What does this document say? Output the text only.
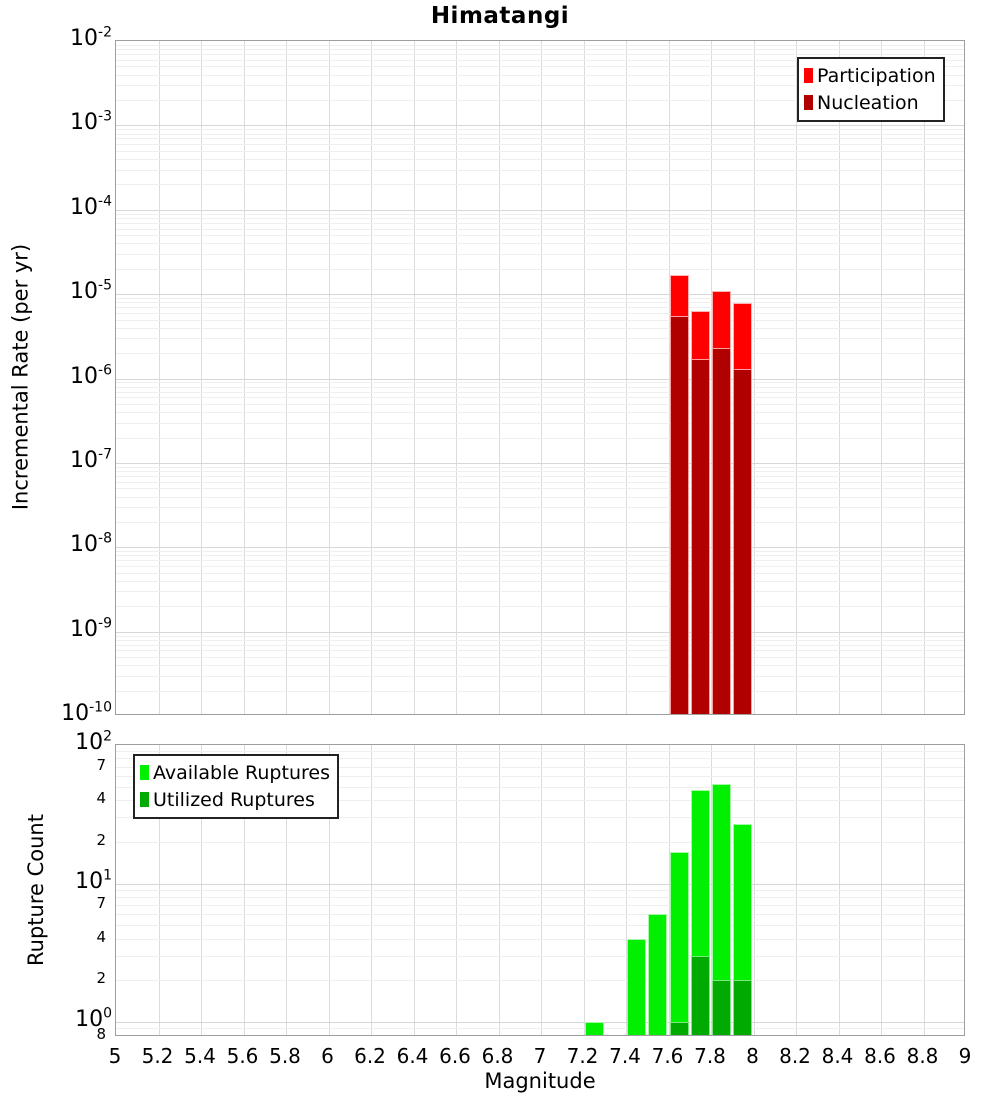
Himatangi
Incremental Rate (per yr)
Rupture Count
$10^{-2}$
$10^{-3}$
$10^{-4}$
$10^{-5}$
$10^{-6}$
$10^{-7}$
$10^{-8}$
$10^{-9}$
$10^{-10}$
$10^2$
$10^1$
$10^0$
7
4
2
7
4
2
8
5	5.2 5.4 5.6 5.8	6	6.2 6.4 6.6 6.8	7	7.2 7.4 7.6 7.8	8	8.2 8.4 8.6 8.8	9
Magnitude
Participation
Nucleation
Available Ruptures
Utilized Ruptures
